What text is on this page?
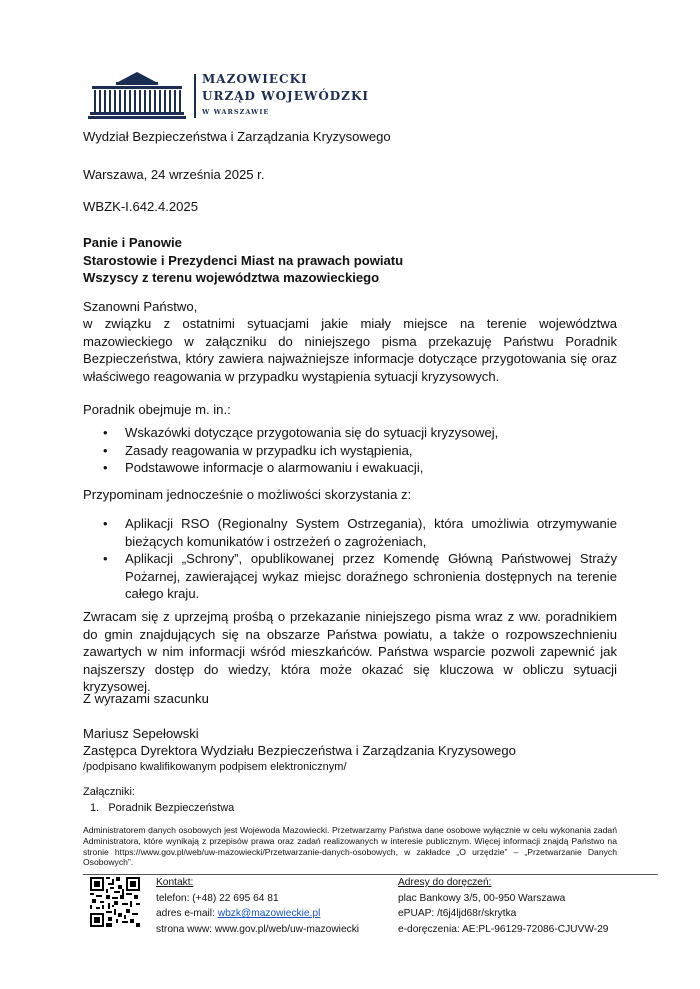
MAZOWIECKI
URZĄD WOJEWÓDZKI
W WARSZAWIE
Wydział Bezpieczeństwa i Zarządzania Kryzysowego
Warszawa, 24 września 2025 r.
WBZK-I.642.4.2025
Panie i Panowie
Starostowie i Prezydenci Miast na prawach powiatu
Wszyscy z terenu województwa mazowieckiego
Szanowni Państwo,
w związku z ostatnimi sytuacjami jakie miały miejsce na terenie województwa mazowieckiego w załączniku do niniejszego pisma przekazuję Państwu Poradnik Bezpieczeństwa, który zawiera najważniejsze informacje dotyczące przygotowania się oraz właściwego reagowania w przypadku wystąpienia sytuacji kryzysowych.
Poradnik obejmuje m. in.:
• Wskazówki dotyczące przygotowania się do sytuacji kryzysowej,
• Zasady reagowania w przypadku ich wystąpienia,
• Podstawowe informacje o alarmowaniu i ewakuacji,
Przypominam jednocześnie o możliwości skorzystania z:
• Aplikacji RSO (Regionalny System Ostrzegania), która umożliwia otrzymywanie bieżących komunikatów i ostrzeżeń o zagrożeniach,
• Aplikacji „Schrony”, opublikowanej przez Komendę Główną Państwowej Straży Pożarnej, zawierającej wykaz miejsc doraźnego schronienia dostępnych na terenie całego kraju.
Zwracam się z uprzejmą prośbą o przekazanie niniejszego pisma wraz z ww. poradnikiem do gmin znajdujących się na obszarze Państwa powiatu, a także o rozpowszechnieniu zawartych w nim informacji wśród mieszkańców. Państwa wsparcie pozwoli zapewnić jak najszerszy dostęp do wiedzy, która może okazać się kluczowa w obliczu sytuacji kryzysowej.
Z wyrazami szacunku
Mariusz Sepełowski
Zastępca Dyrektora Wydziału Bezpieczeństwa i Zarządzania Kryzysowego
/podpisano kwalifikowanym podpisem elektronicznym/
Załączniki:
1.   Poradnik Bezpieczeństwa
Administratorem danych osobowych jest Wojewoda Mazowiecki. Przetwarzamy Państwa dane osobowe wyłącznie w celu wykonania zadań Administratora, które wynikają z przepisów prawa oraz zadań realizowanych w interesie publicznym. Więcej informacji znajdą Państwo na stronie https://www.gov.pl/web/uw-mazowiecki/Przetwarzanie-danych-osobowych, w zakładce „O urzędzie” – „Przetwarzanie Danych Osobowych”.
Kontakt:
telefon: (+48) 22 695 64 81
adres e-mail: wbzk@mazowieckie.pl
strona www: www.gov.pl/web/uw-mazowiecki
Adresy do doręczeń:
plac Bankowy 3/5, 00-950 Warszawa
ePUAP: /t6j4ljd68r/skrytka
e-doręczenia: AE:PL-96129-72086-CJUVW-29
